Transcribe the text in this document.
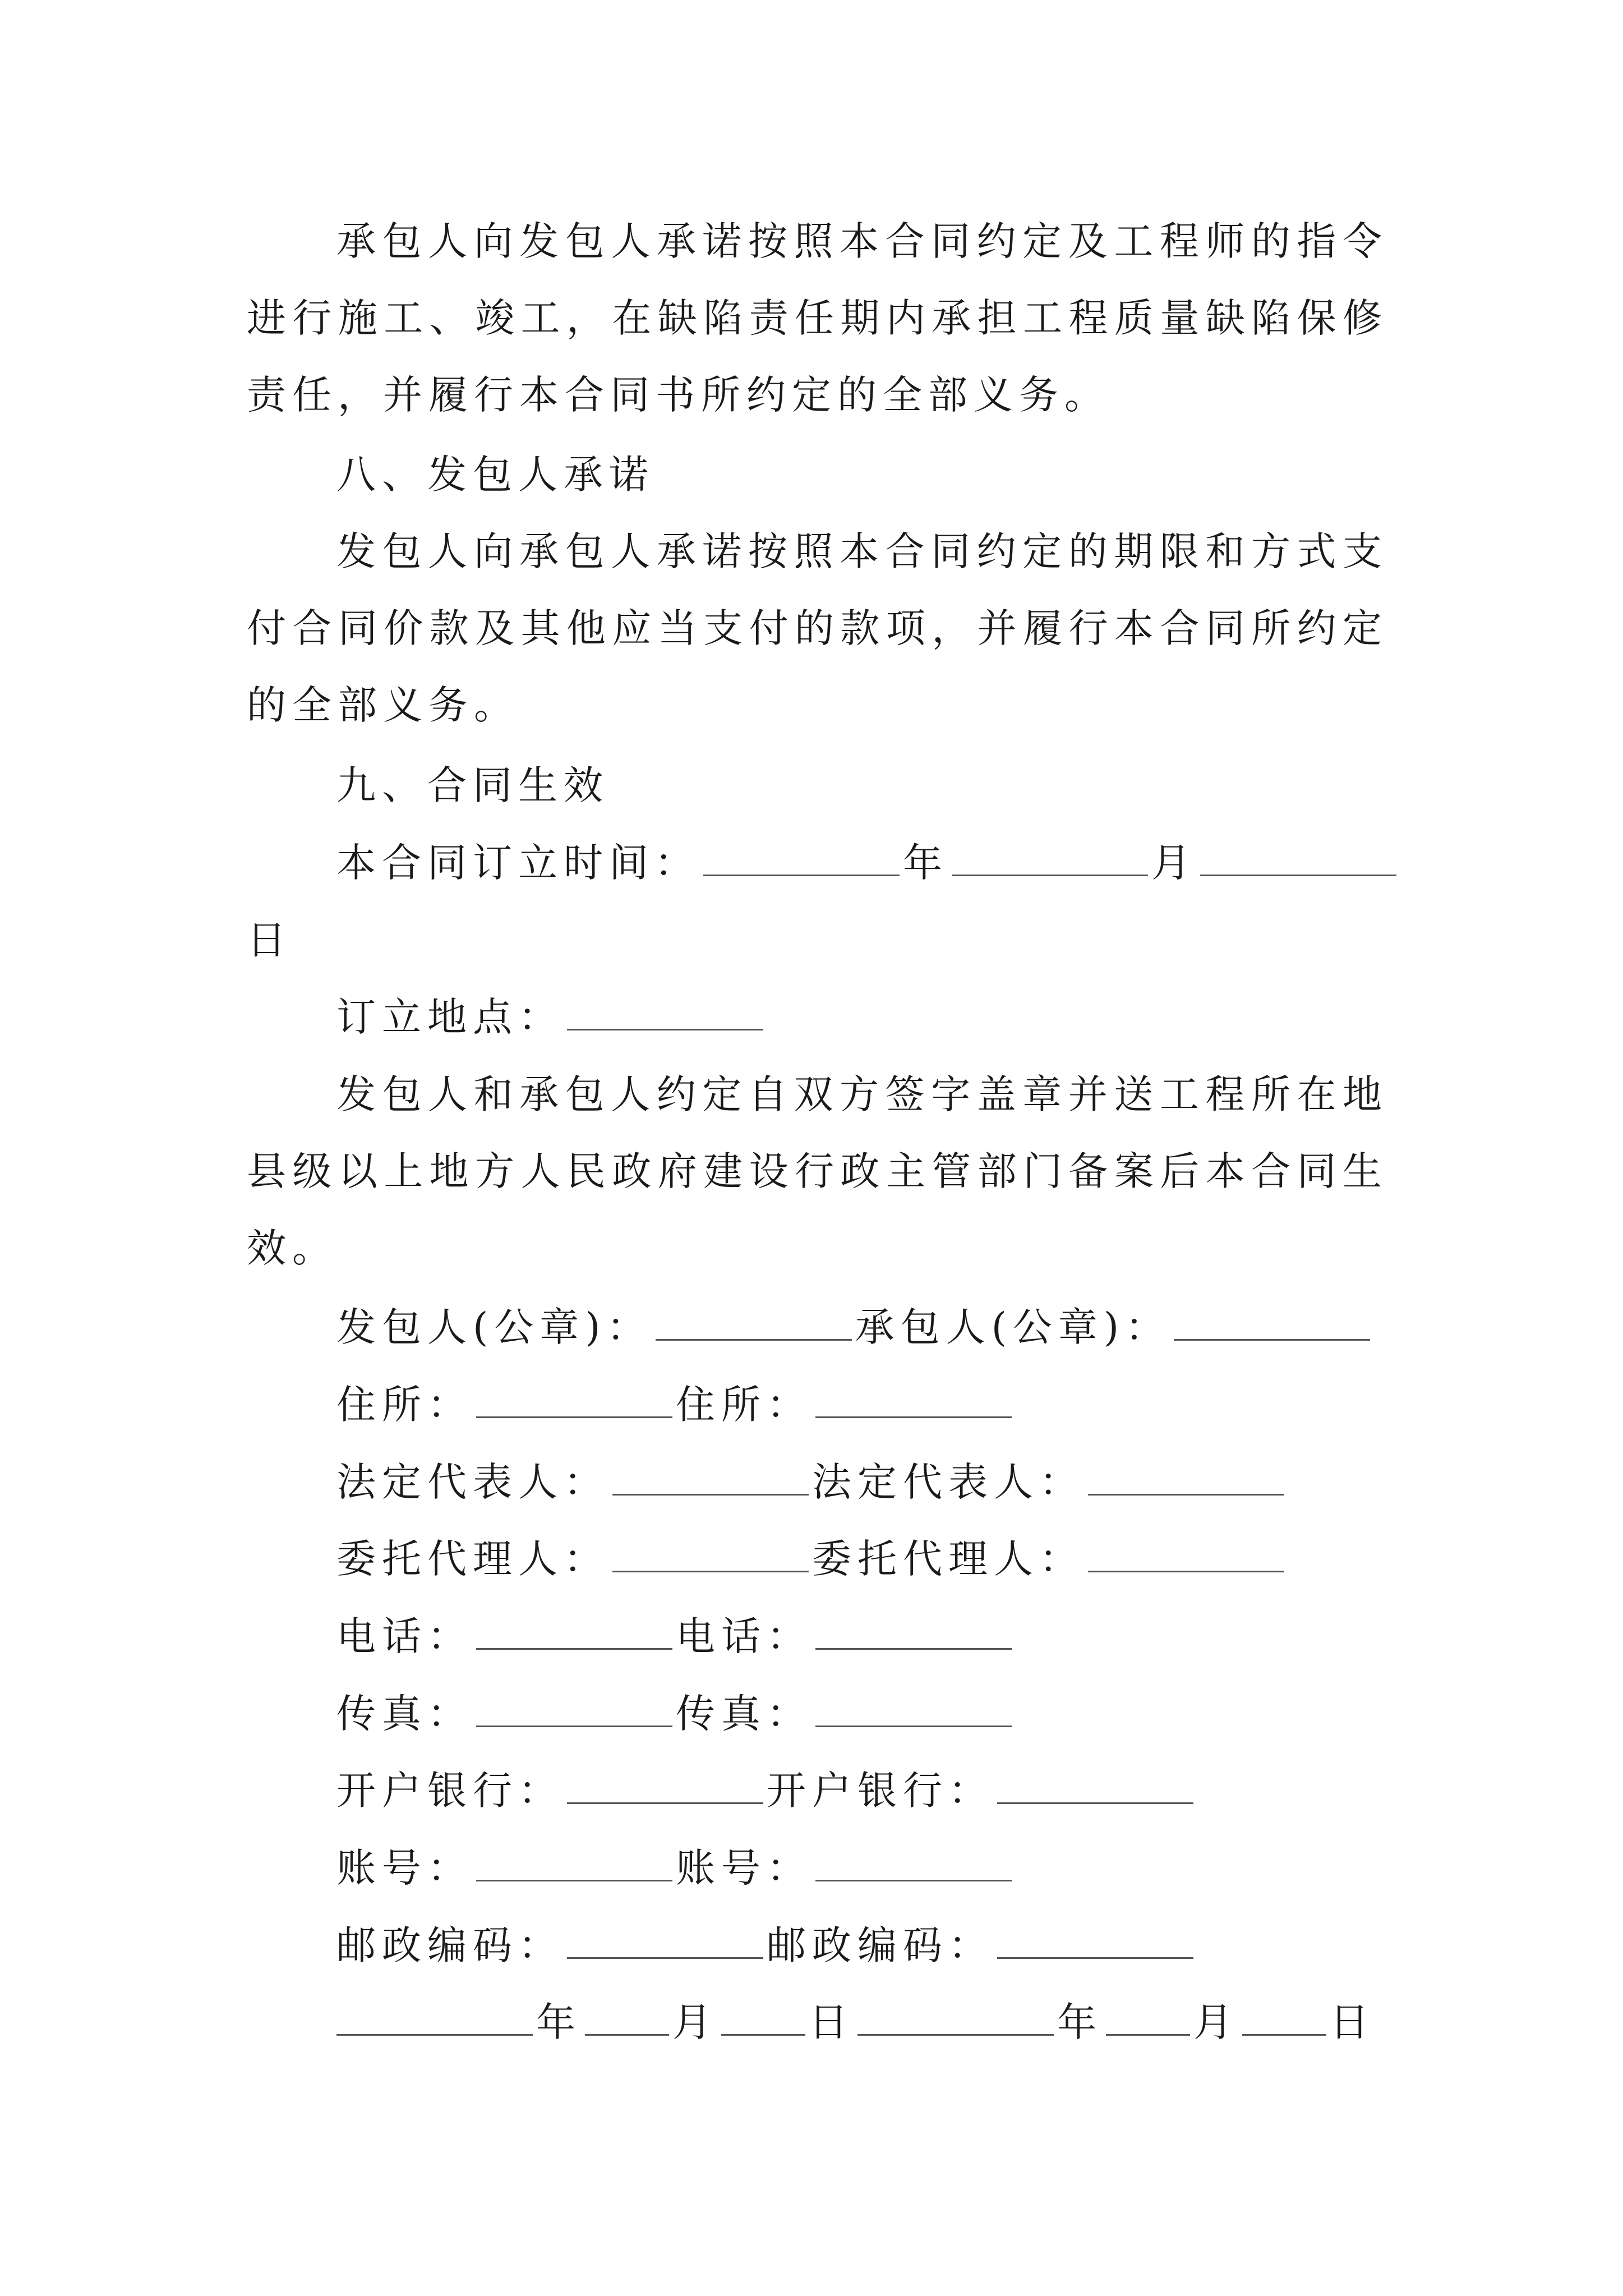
承包人向发包人承诺按照本合同约定及工程师的指令进行施工、竣工，在缺陷责任期内承担工程质量缺陷保修责任，并履行本合同书所约定的全部义务。

八、发包人承诺

发包人向承包人承诺按照本合同约定的期限和方式支付合同价款及其他应当支付的款项，并履行本合同所约定的全部义务。

九、合同生效

本合同订立时间：	年	月
日
订立地点：

发包人和承包人约定自双方签字盖章并送工程所在地县级以上地方人民政府建设行政主管部门备案后本合同生效。

发包人(公章)：	承包人(公章)：
住所：	住所：
法定代表人：	法定代表人：
委托代理人：	委托代理人：
电话：	电话：
传真：	传真：
开户银行：	开户银行：
账号：	账号：
邮政编码：	邮政编码：
年 月 日	年 月 日
